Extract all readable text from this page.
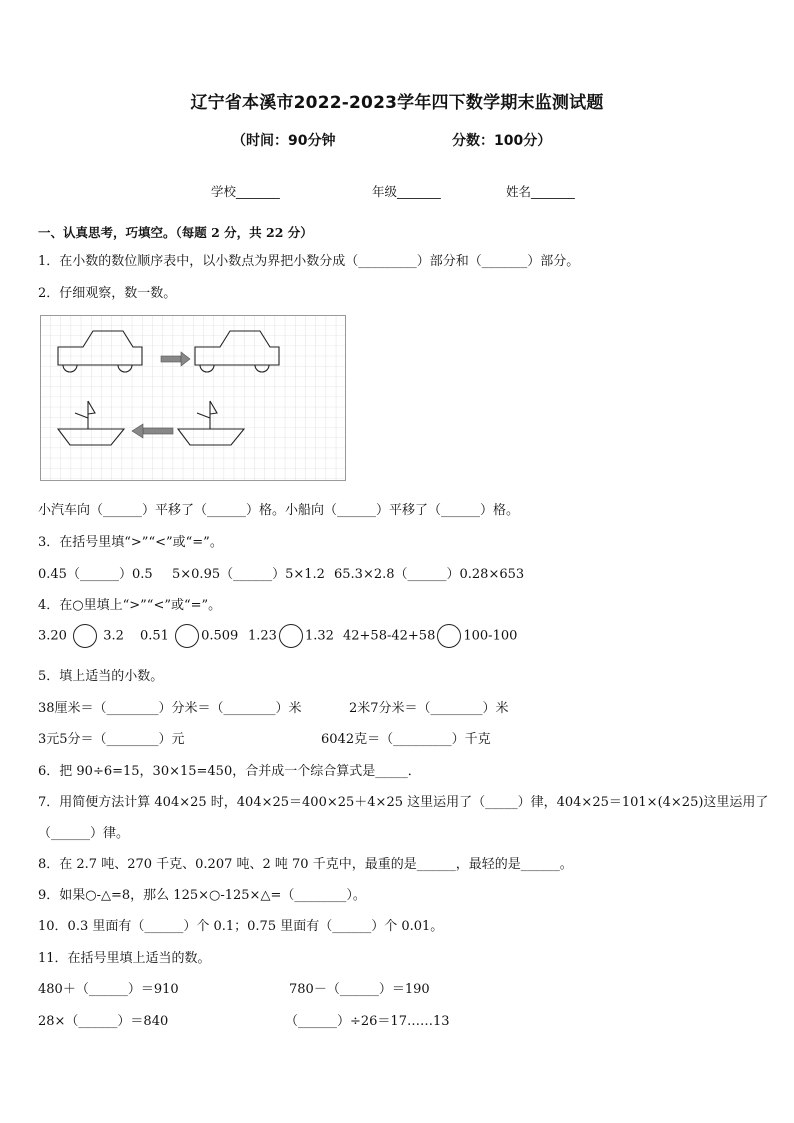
辽宁省本溪市2022-2023学年四下数学期末监测试题
（时间：90分钟	分数：100分）
学校_______	年级_______	姓名_______
一、认真思考，巧填空。（每题 2 分，共 22 分）
1．在小数的数位顺序表中，以小数点为界把小数分成（_________）部分和（_______）部分。
2．仔细观察，数一数。
小汽车向（______）平移了（______）格。小船向（______）平移了（______）格。
3．在括号里填“>”“<”或“=”。
0.45（______）0.5 5×0.95（______）5×1.2 65.3×2.8（______）0.28×653
4．在○里填上“>”“<”或“=”。
3.20	3.2 0.51 0.509 1.23 1.32 42+58-42+58 100-100
5．填上适当的小数。
38厘米＝（________）分米＝（________）米	2米7分米＝（________）米
3元5分＝（________）元	6042克＝（_________）千克
6．把 90÷6=15，30×15=450，合并成一个综合算式是_____．
7．用简便方法计算 404×25 时，404×25＝400×25＋4×25 这里运用了（_____）律，404×25＝101×(4×25)这里运用了
（______）律。
8．在 2.7 吨、270 千克、0.207 吨、2 吨 70 千克中，最重的是______，最轻的是______。
9．如果○-△=8，那么 125×○-125×△=（________）。
10．0.3 里面有（______）个 0.1；0.75 里面有（______）个 0.01。
11．在括号里填上适当的数。
480＋（______）＝910	780－（______）＝190
28×（______）＝840	（______）÷26＝17……13
